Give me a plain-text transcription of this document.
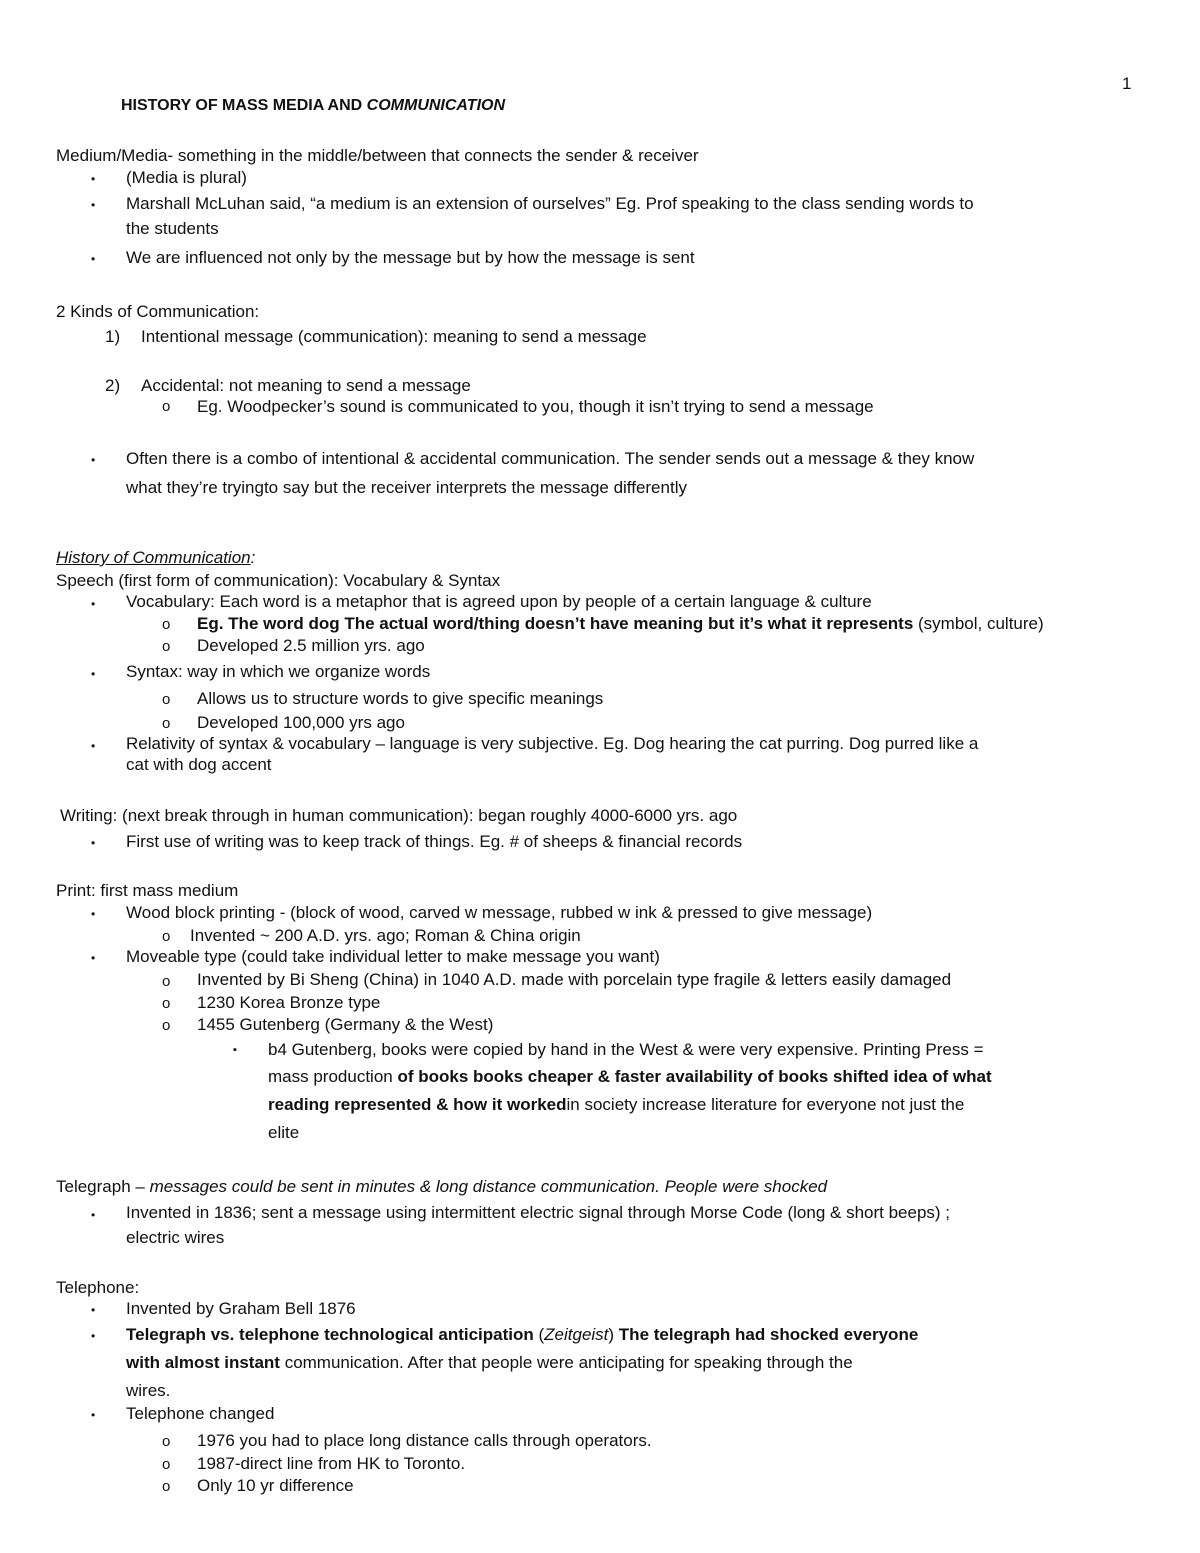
1
HISTORY OF MASS MEDIA AND COMMUNICATION
Medium/Media- something in the middle/between that connects the sender & receiver
• (Media is plural)
• Marshall McLuhan said, “a medium is an extension of ourselves” Eg. Prof speaking to the class sending words to
the students
• We are influenced not only by the message but by how the message is sent
2 Kinds of Communication:
1) Intentional message (communication): meaning to send a message
2) Accidental: not meaning to send a message
o Eg. Woodpecker’s sound is communicated to you, though it isn’t trying to send a message
• Often there is a combo of intentional & accidental communication. The sender sends out a message & they know
what they’re tryingto say but the receiver interprets the message differently
History of Communication:
Speech (first form of communication): Vocabulary & Syntax
• Vocabulary: Each word is a metaphor that is agreed upon by people of a certain language & culture
o Eg. The word dog The actual word/thing doesn’t have meaning but it’s what it represents (symbol, culture)
o Developed 2.5 million yrs. ago
• Syntax: way in which we organize words
o Allows us to structure words to give specific meanings
o Developed 100,000 yrs ago
• Relativity of syntax & vocabulary – language is very subjective. Eg. Dog hearing the cat purring. Dog purred like a
cat with dog accent
Writing: (next break through in human communication): began roughly 4000-6000 yrs. ago
• First use of writing was to keep track of things. Eg. # of sheeps & financial records
Print: first mass medium
• Wood block printing - (block of wood, carved w message, rubbed w ink & pressed to give message)
o Invented ~ 200 A.D. yrs. ago; Roman & China origin
• Moveable type (could take individual letter to make message you want)
o Invented by Bi Sheng (China) in 1040 A.D. made with porcelain type fragile & letters easily damaged
o 1230 Korea Bronze type
o 1455 Gutenberg (Germany & the West)
▪ b4 Gutenberg, books were copied by hand in the West & were very expensive. Printing Press =
mass production of books books cheaper & faster availability of books shifted idea of what
reading represented & how it workedin society increase literature for everyone not just the
elite
Telegraph – messages could be sent in minutes & long distance communication. People were shocked
• Invented in 1836; sent a message using intermittent electric signal through Morse Code (long & short beeps) ;
electric wires
Telephone:
• Invented by Graham Bell 1876
• Telegraph vs. telephone technological anticipation (Zeitgeist) The telegraph had shocked everyone
with almost instant communication. After that people were anticipating for speaking through the
wires.
• Telephone changed
o 1976 you had to place long distance calls through operators.
o 1987-direct line from HK to Toronto.
o Only 10 yr difference
